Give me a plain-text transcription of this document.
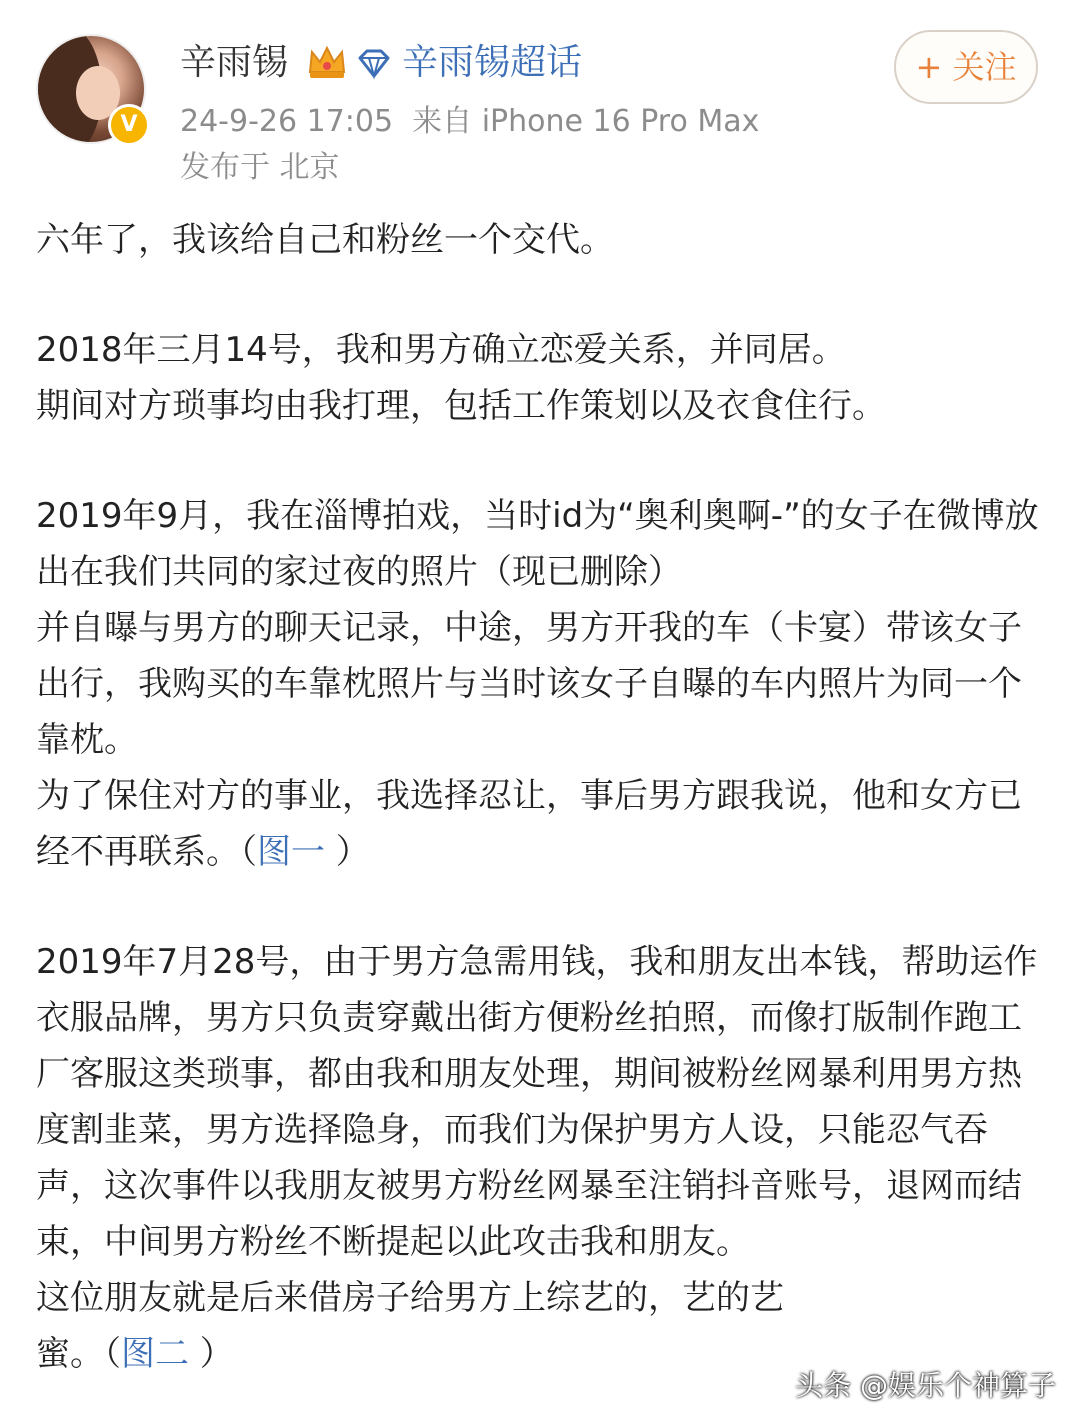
V
辛雨锡	辛雨锡超话	+ 关注
24-9-26 17:05 来自 iPhone 16 Pro Max
发布于 北京

六年了，我该给自己和粉丝一个交代。

2018年三月14号，我和男方确立恋爱关系，并同居。
期间对方琐事均由我打理，包括工作策划以及衣食住行。

2019年9月，我在淄博拍戏，当时id为“奥利奥啊-”的女子在微博放出在我们共同的家过夜的照片（现已删除）
并自曝与男方的聊天记录，中途，男方开我的车（卡宴）带该女子出行，我购买的车靠枕照片与当时该女子自曝的车内照片为同一个靠枕。
为了保住对方的事业，我选择忍让，事后男方跟我说，他和女方已经不再联系。（图一 ）

2019年7月28号，由于男方急需用钱，我和朋友出本钱，帮助运作衣服品牌，男方只负责穿戴出街方便粉丝拍照，而像打版制作跑工厂客服这类琐事，都由我和朋友处理，期间被粉丝网暴利用男方热度割韭菜，男方选择隐身，而我们为保护男方人设，只能忍气吞声，这次事件以我朋友被男方粉丝网暴至注销抖音账号，退网而结束，中间男方粉丝不断提起以此攻击我和朋友。
这位朋友就是后来借房子给男方上综艺的，艺的艺
蜜。（图二 ）

头条 @娱乐个神算子
